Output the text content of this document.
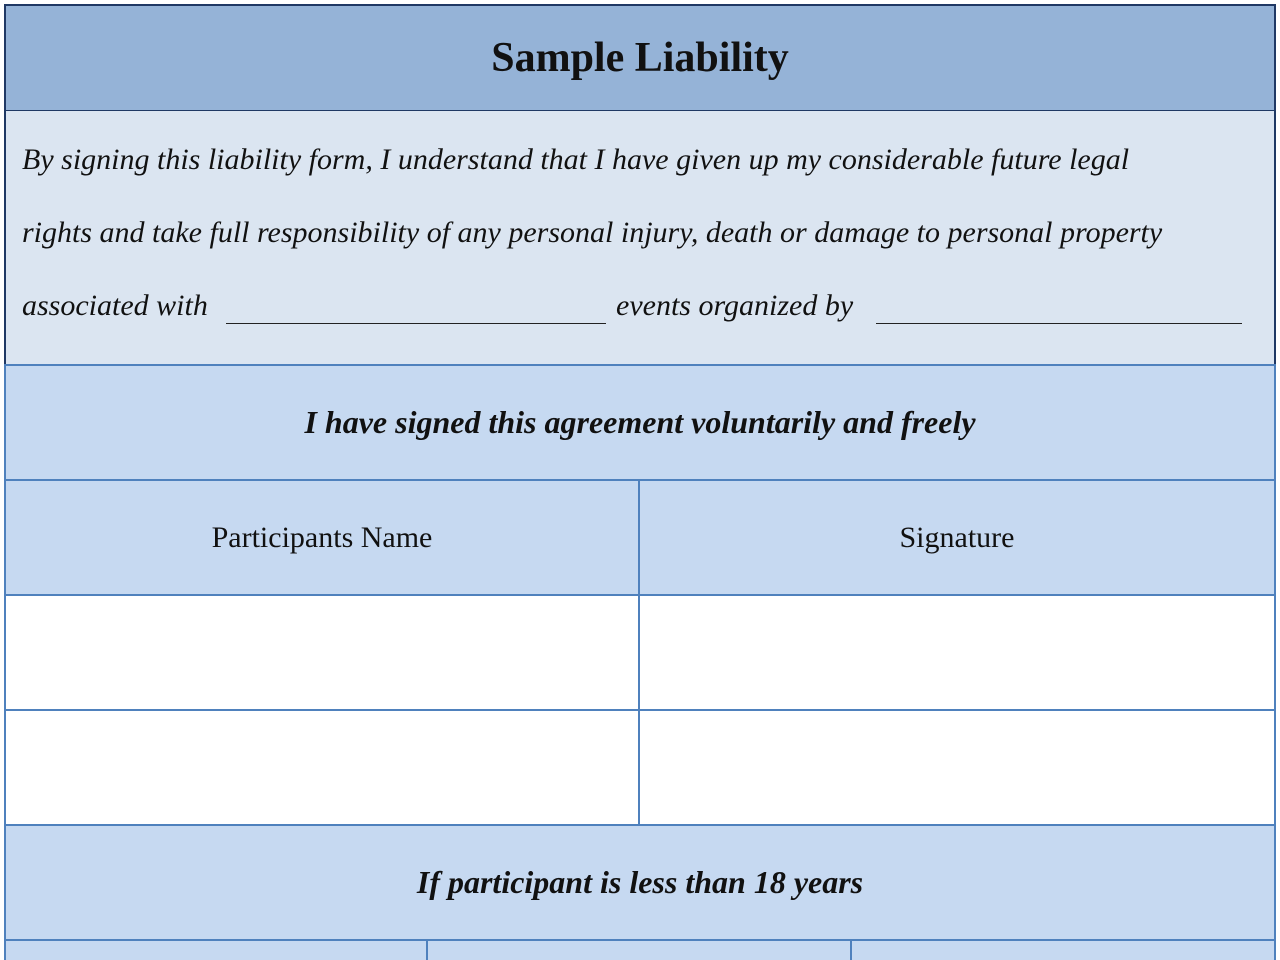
Sample Liability
By signing this liability form, I understand that I have given up my considerable future legal
rights and take full responsibility of any personal injury, death or damage to personal property
associated with	events organized by
I have signed this agreement voluntarily and freely
Participants Name	Signature
If participant is less than 18 years
